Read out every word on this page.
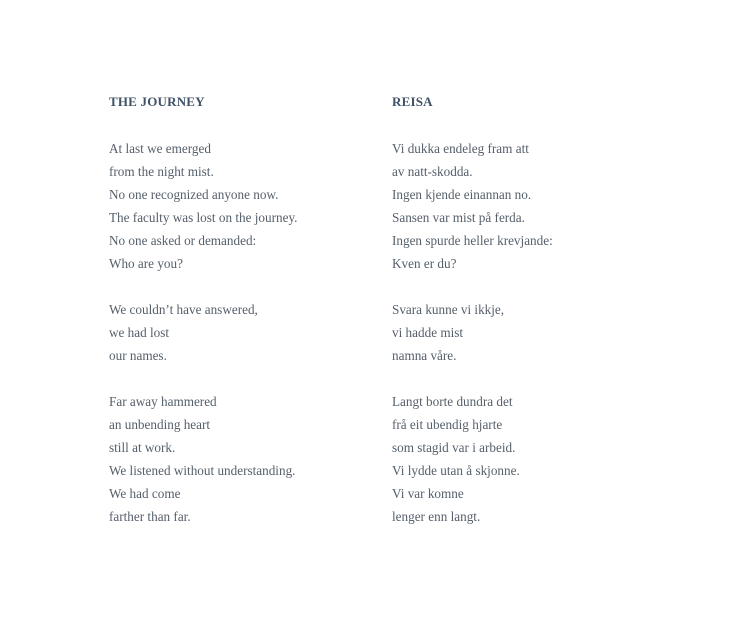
THE JOURNEY
At last we emerged
from the night mist.
No one recognized anyone now.
The faculty was lost on the journey.
No one asked or demanded:
Who are you?
We couldn’t have answered,
we had lost
our names.
Far away hammered
an unbending heart
still at work.
We listened without understanding.
We had come
farther than far.
REISA
Vi dukka endeleg fram att
av natt-skodda.
Ingen kjende einannan no.
Sansen var mist på ferda.
Ingen spurde heller krevjande:
Kven er du?
Svara kunne vi ikkje,
vi hadde mist
namna våre.
Langt borte dundra det
frå eit ubendig hjarte
som stagid var i arbeid.
Vi lydde utan å skjonne.
Vi var komne
lenger enn langt.
